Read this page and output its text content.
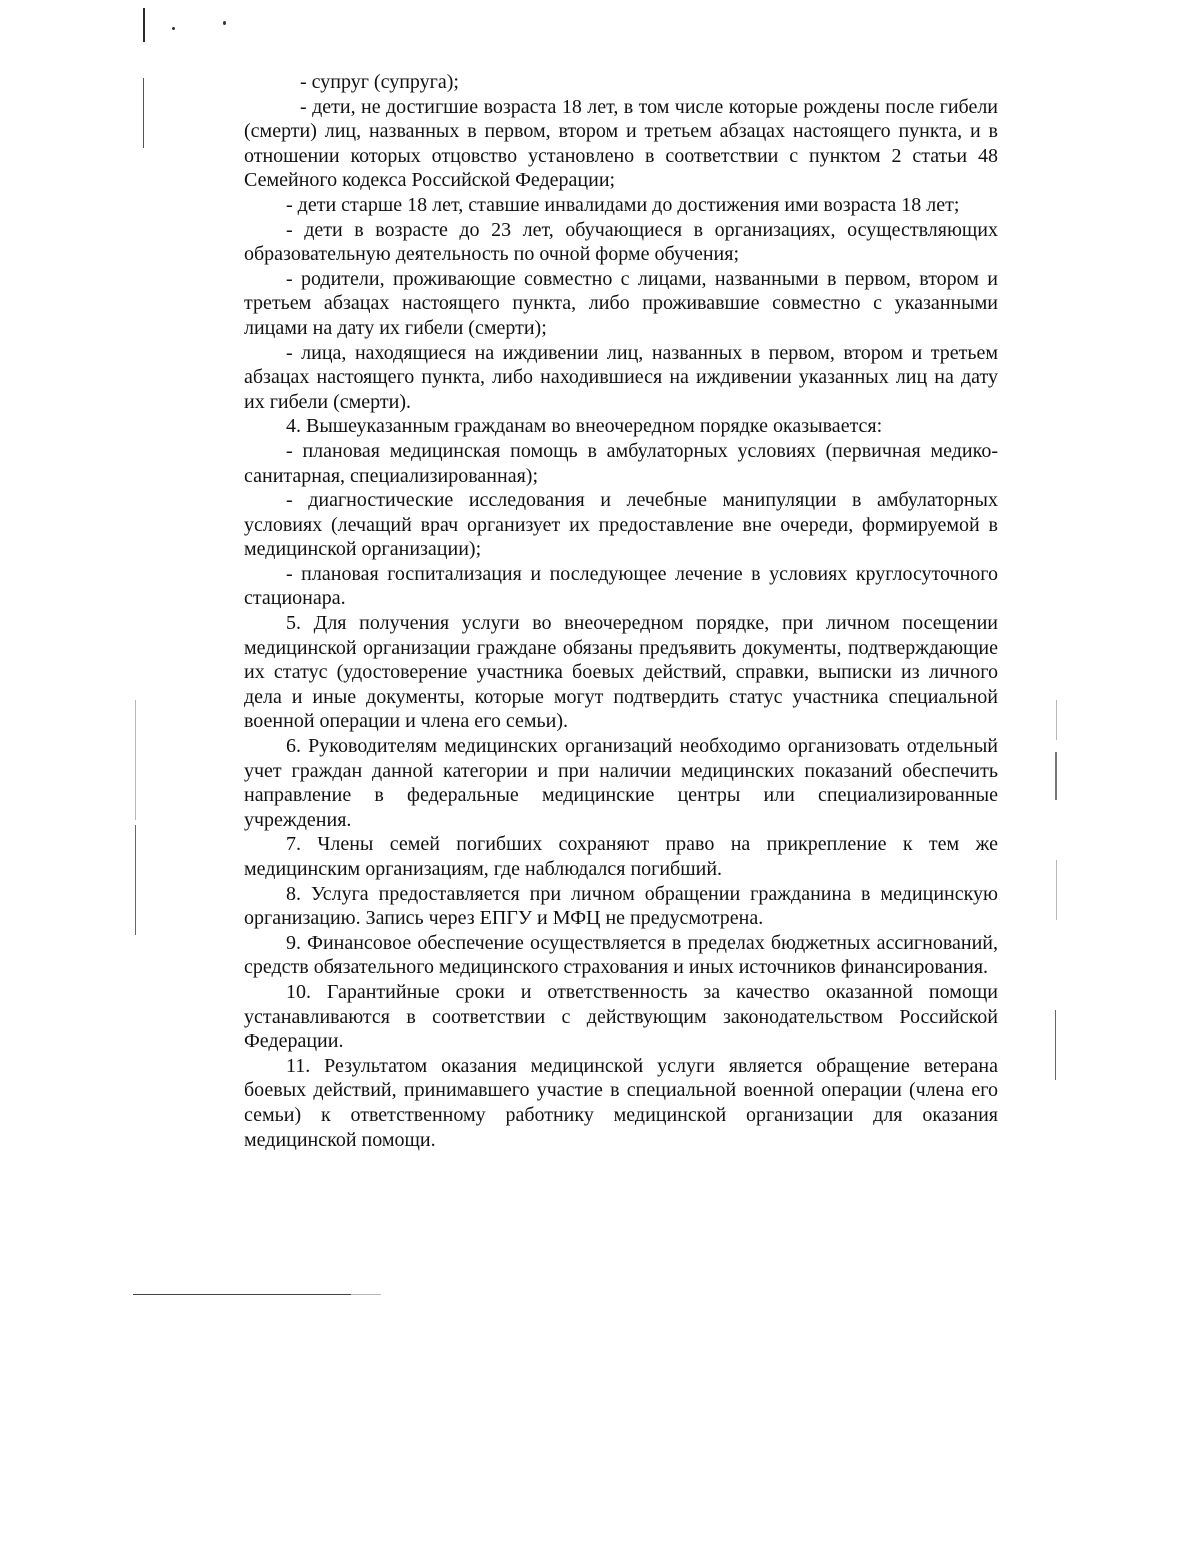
- супруг (супруга);

- дети, не достигшие возраста 18 лет, в том числе которые рождены после гибели (смерти) лиц, названных в первом, втором и третьем абзацах настоящего пункта, и в отношении которых отцовство установлено в соответствии с пунктом 2 статьи 48 Семейного кодекса Российской Федерации;

- дети старше 18 лет, ставшие инвалидами до достижения ими возраста 18 лет;

- дети в возрасте до 23 лет, обучающиеся в организациях, осуществляющих образовательную деятельность по очной форме обучения;

- родители, проживающие совместно с лицами, названными в первом, втором и третьем абзацах настоящего пункта, либо проживавшие совместно с указанными лицами на дату их гибели (смерти);

- лица, находящиеся на иждивении лиц, названных в первом, втором и третьем абзацах настоящего пункта, либо находившиеся на иждивении указанных лиц на дату их гибели (смерти).

4. Вышеуказанным гражданам во внеочередном порядке оказывается:

- плановая медицинская помощь в амбулаторных условиях (первичная медико-санитарная, специализированная);

- диагностические исследования и лечебные манипуляции в амбулаторных условиях (лечащий врач организует их предоставление вне очереди, формируемой в медицинской организации);

- плановая госпитализация и последующее лечение в условиях круглосуточного стационара.

5. Для получения услуги во внеочередном порядке, при личном посещении медицинской организации граждане обязаны предъявить документы, подтверждающие их статус (удостоверение участника боевых действий, справки, выписки из личного дела и иные документы, которые могут подтвердить статус участника специальной военной операции и члена его семьи).

6. Руководителям медицинских организаций необходимо организовать отдельный учет граждан данной категории и при наличии медицинских показаний обеспечить направление в федеральные медицинские центры или специализированные учреждения.

7. Члены семей погибших сохраняют право на прикрепление к тем же медицинским организациям, где наблюдался погибший.

8. Услуга предоставляется при личном обращении гражданина в медицинскую организацию. Запись через ЕПГУ и МФЦ не предусмотрена.

9. Финансовое обеспечение осуществляется в пределах бюджетных ассигнований, средств обязательного медицинского страхования и иных источников финансирования.

10. Гарантийные сроки и ответственность за качество оказанной помощи устанавливаются в соответствии с действующим законодательством Российской Федерации.

11. Результатом оказания медицинской услуги является обращение ветерана боевых действий, принимавшего участие в специальной военной операции (члена его семьи) к ответственному работнику медицинской организации для оказания медицинской помощи.
